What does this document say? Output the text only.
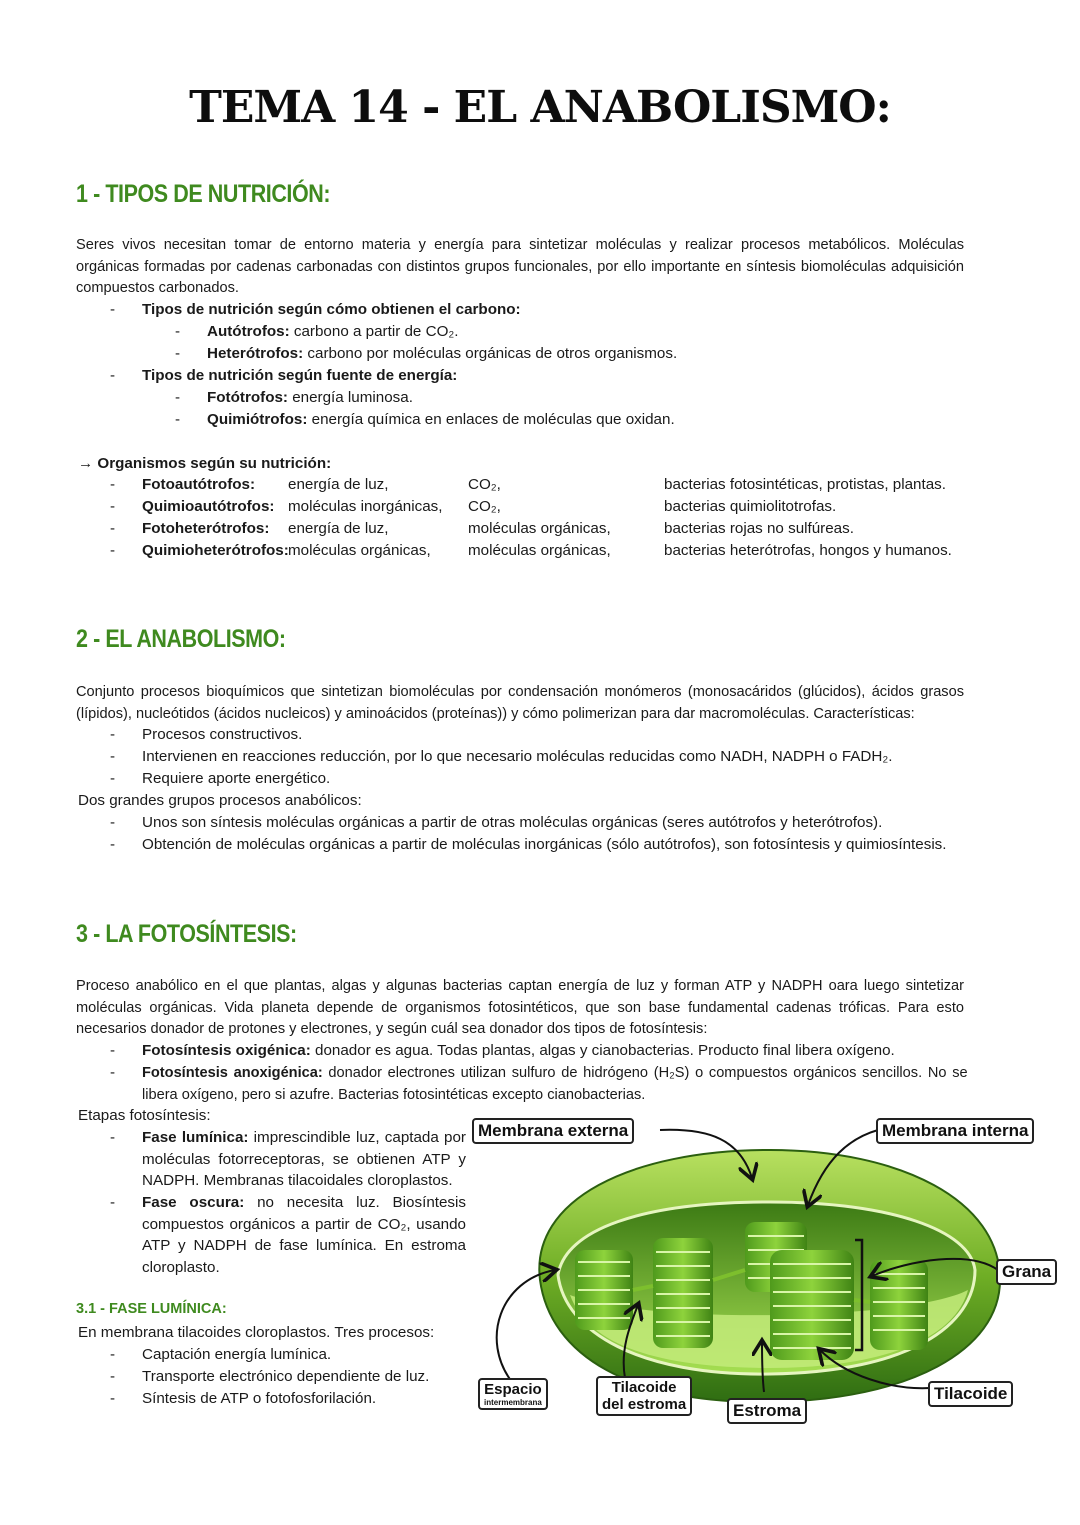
TEMA 14 - EL ANABOLISMO:
1 - TIPOS DE NUTRICIÓN:
Seres vivos necesitan tomar de entorno materia y energía para sintetizar moléculas y realizar procesos metabólicos. Moléculas orgánicas formadas por cadenas carbonadas con distintos grupos funcionales, por ello importante en síntesis biomoléculas adquisición compuestos carbonados.
- Tipos de nutrición según cómo obtienen el carbono:
- Autótrofos: carbono a partir de CO₂.
- Heterótrofos: carbono por moléculas orgánicas de otros organismos.
- Tipos de nutrición según fuente de energía:
- Fotótrofos: energía luminosa.
- Quimiótrofos: energía química en enlaces de moléculas que oxidan.
→ Organismos según su nutrición:
- Fotoautótrofos: energía de luz,	CO₂,	bacterias fotosintéticas, protistas, plantas.
- Quimioautótrofos: moléculas inorgánicas, CO₂,	bacterias quimiolitotrofas.
- Fotoheterótrofos: energía de luz,	moléculas orgánicas,	bacterias rojas no sulfúreas.
- Quimioheterótrofos: moléculas orgánicas, moléculas orgánicas,	bacterias heterótrofas, hongos y humanos.
2 - EL ANABOLISMO:
Conjunto procesos bioquímicos que sintetizan biomoléculas por condensación monómeros (monosacáridos (glúcidos), ácidos grasos (lípidos), nucleótidos (ácidos nucleicos) y aminoácidos (proteínas)) y cómo polimerizan para dar macromoléculas. Características:
- Procesos constructivos.
- Intervienen en reacciones reducción, por lo que necesario moléculas reducidas como NADH, NADPH o FADH₂.
- Requiere aporte energético.
Dos grandes grupos procesos anabólicos:
- Unos son síntesis moléculas orgánicas a partir de otras moléculas orgánicas (seres autótrofos y heterótrofos).
- Obtención de moléculas orgánicas a partir de moléculas inorgánicas (sólo autótrofos), son fotosíntesis y quimiosíntesis.
3 - LA FOTOSÍNTESIS:
Proceso anabólico en el que plantas, algas y algunas bacterias captan energía de luz y forman ATP y NADPH oara luego sintetizar moléculas orgánicas. Vida planeta depende de organismos fotosintéticos, que son base fundamental cadenas tróficas. Para esto necesarios donador de protones y electrones, y según cuál sea donador dos tipos de fotosíntesis:
- Fotosíntesis oxigénica: donador es agua. Todas plantas, algas y cianobacterias. Producto final libera oxígeno.
- Fotosíntesis anoxigénica: donador electrones utilizan sulfuro de hidrógeno (H₂S) o compuestos orgánicos sencillos. No se libera oxígeno, pero si azufre. Bacterias fotosintéticas excepto cianobacterias.
Etapas fotosíntesis:
- Fase lumínica: imprescindible luz, captada por moléculas fotorreceptoras, se obtienen ATP y NADPH. Membranas tilacoidales cloroplastos.
- Fase oscura: no necesita luz. Biosíntesis compuestos orgánicos a partir de CO₂, usando ATP y NADPH de fase lumínica. En estroma cloroplasto.
3.1 - FASE LUMÍNICA:
En membrana tilacoides cloroplastos. Tres procesos:
- Captación energía lumínica.
- Transporte electrónico dependiente de luz.
- Síntesis de ATP o fotofosforilación.
Membrana externa	Membrana interna
Grana
Espacio
intermembrana
Tilacoide
del estroma	Estroma
Tilacoide
